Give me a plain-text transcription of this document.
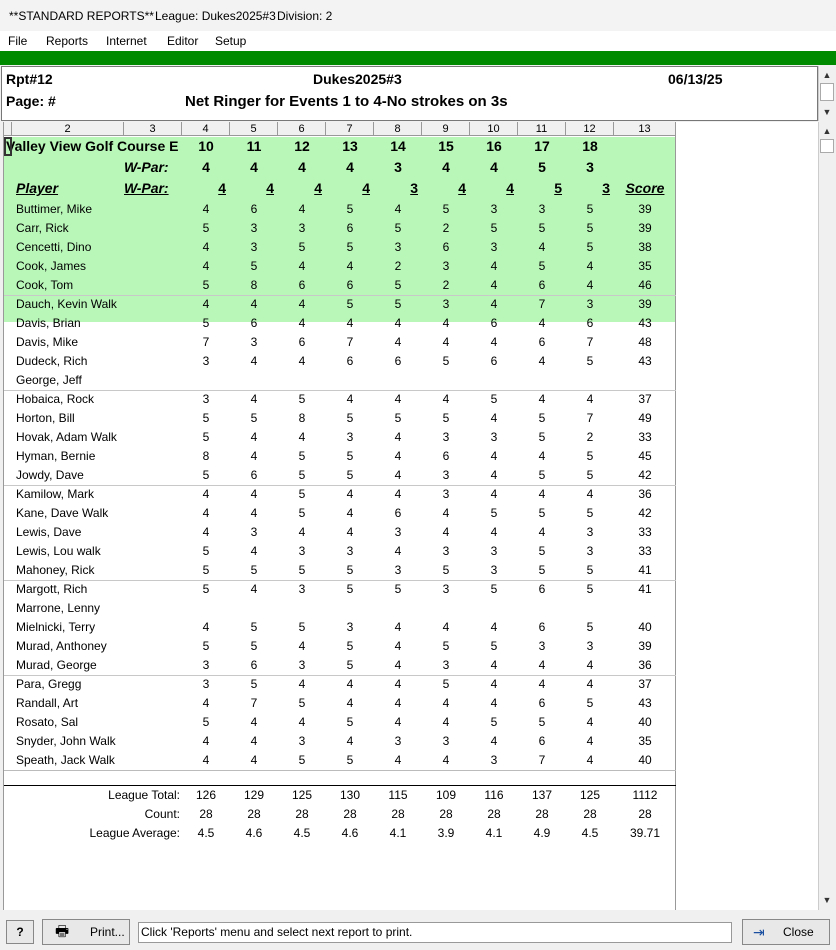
**STANDARD REPORTS** League: Dukes2025#3 Division: 2
File Reports Internet Editor Setup
Rpt#12	Dukes2025#3	06/13/25
Page: #	Net Ringer for Events 1 to 4-No strokes on 3s
▲
▼
2	3	4	5	6	7	8	9	10	11	12	13
Valley View Golf Course E	10	11	12	13	14	15	16	17	18
W-Par:	4	4	4	4	3	4	4	5	3
Player	W-Par:	4	4	4	4	3	4	4	5	3	Score
Buttimer, Mike	4	6	4	5	4	5	3	3	5	39
Carr, Rick	5	3	3	6	5	2	5	5	5	39
Cencetti, Dino	4	3	5	5	3	6	3	4	5	38
Cook, James	4	5	4	4	2	3	4	5	4	35
Cook, Tom	5	8	6	6	5	2	4	6	4	46
Dauch, Kevin Walk	4	4	4	5	5	3	4	7	3	39
Davis, Brian	5	6	4	4	4	4	6	4	6	43
Davis, Mike	7	3	6	7	4	4	4	6	7	48
Dudeck, Rich	3	4	4	6	6	5	6	4	5	43
George, Jeff
Hobaica, Rock	3	4	5	4	4	4	5	4	4	37
Horton, Bill	5	5	8	5	5	5	4	5	7	49
Hovak, Adam Walk	5	4	4	3	4	3	3	5	2	33
Hyman, Bernie	8	4	5	5	4	6	4	4	5	45
Jowdy, Dave	5	6	5	5	4	3	4	5	5	42
Kamilow, Mark	4	4	5	4	4	3	4	4	4	36
Kane, Dave Walk	4	4	5	4	6	4	5	5	5	42
Lewis, Dave	4	3	4	4	3	4	4	4	3	33
Lewis, Lou walk	5	4	3	3	4	3	3	5	3	33
Mahoney, Rick	5	5	5	5	3	5	3	5	5	41
Margott, Rich	5	4	3	5	5	3	5	6	5	41
Marrone, Lenny
Mielnicki, Terry	4	5	5	3	4	4	4	6	5	40
Murad, Anthoney	5	5	4	5	4	5	5	3	3	39
Murad, George	3	6	3	5	4	3	4	4	4	36
Para, Gregg	3	5	4	4	4	5	4	4	4	37
Randall, Art	4	7	5	4	4	4	4	6	5	43
Rosato, Sal	5	4	4	5	4	4	5	5	4	40
Snyder, John Walk	4	4	3	4	3	3	4	6	4	35
Speath, Jack Walk	4	4	5	5	4	4	3	7	4	40
League Total:	126	129	125	130	115	109	116	137	125	1112
Count:	28	28	28	28	28	28	28	28	28	28
League Average:	4.5	4.6	4.5	4.6	4.1	3.9	4.1	4.9	4.5	39.71
▲
▼
?	🖶 Print... Click 'Reports' menu and select next report to print.	⇥ Close
